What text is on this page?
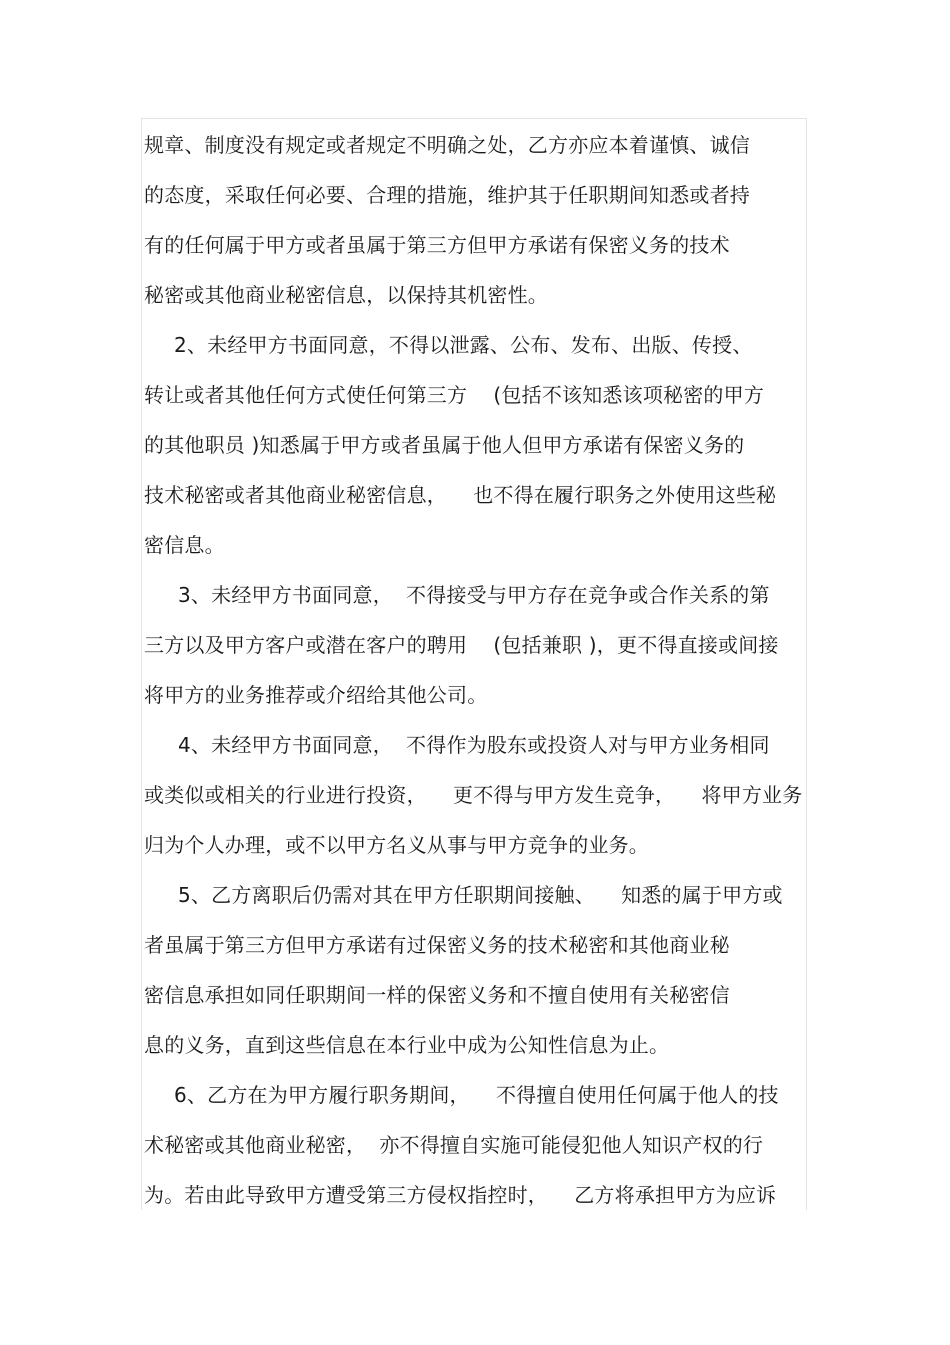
规章、制度没有规定或者规定不明确之处，乙方亦应本着谨慎、诚信
的态度，采取任何必要、合理的措施，维护其于任职期间知悉或者持
有的任何属于甲方或者虽属于第三方但甲方承诺有保密义务的技术
秘密或其他商业秘密信息，以保持其机密性。
2、未经甲方书面同意，不得以泄露、公布、发布、出版、传授、
转让或者其他任何方式使任何第三方    (包括不该知悉该项秘密的甲方
的其他职员 )知悉属于甲方或者虽属于他人但甲方承诺有保密义务的
技术秘密或者其他商业秘密信息，    也不得在履行职务之外使用这些秘
密信息。
3、未经甲方书面同意，  不得接受与甲方存在竞争或合作关系的第
三方以及甲方客户或潜在客户的聘用    (包括兼职 )，更不得直接或间接
将甲方的业务推荐或介绍给其他公司。
4、未经甲方书面同意，  不得作为股东或投资人对与甲方业务相同
或类似或相关的行业进行投资，    更不得与甲方发生竞争，    将甲方业务
归为个人办理，或不以甲方名义从事与甲方竞争的业务。
5、乙方离职后仍需对其在甲方任职期间接触、    知悉的属于甲方或
者虽属于第三方但甲方承诺有过保密义务的技术秘密和其他商业秘
密信息承担如同任职期间一样的保密义务和不擅自使用有关秘密信
息的义务，直到这些信息在本行业中成为公知性信息为止。
6、乙方在为甲方履行职务期间，    不得擅自使用任何属于他人的技
术秘密或其他商业秘密，  亦不得擅自实施可能侵犯他人知识产权的行
为。若由此导致甲方遭受第三方侵权指控时，    乙方将承担甲方为应诉
